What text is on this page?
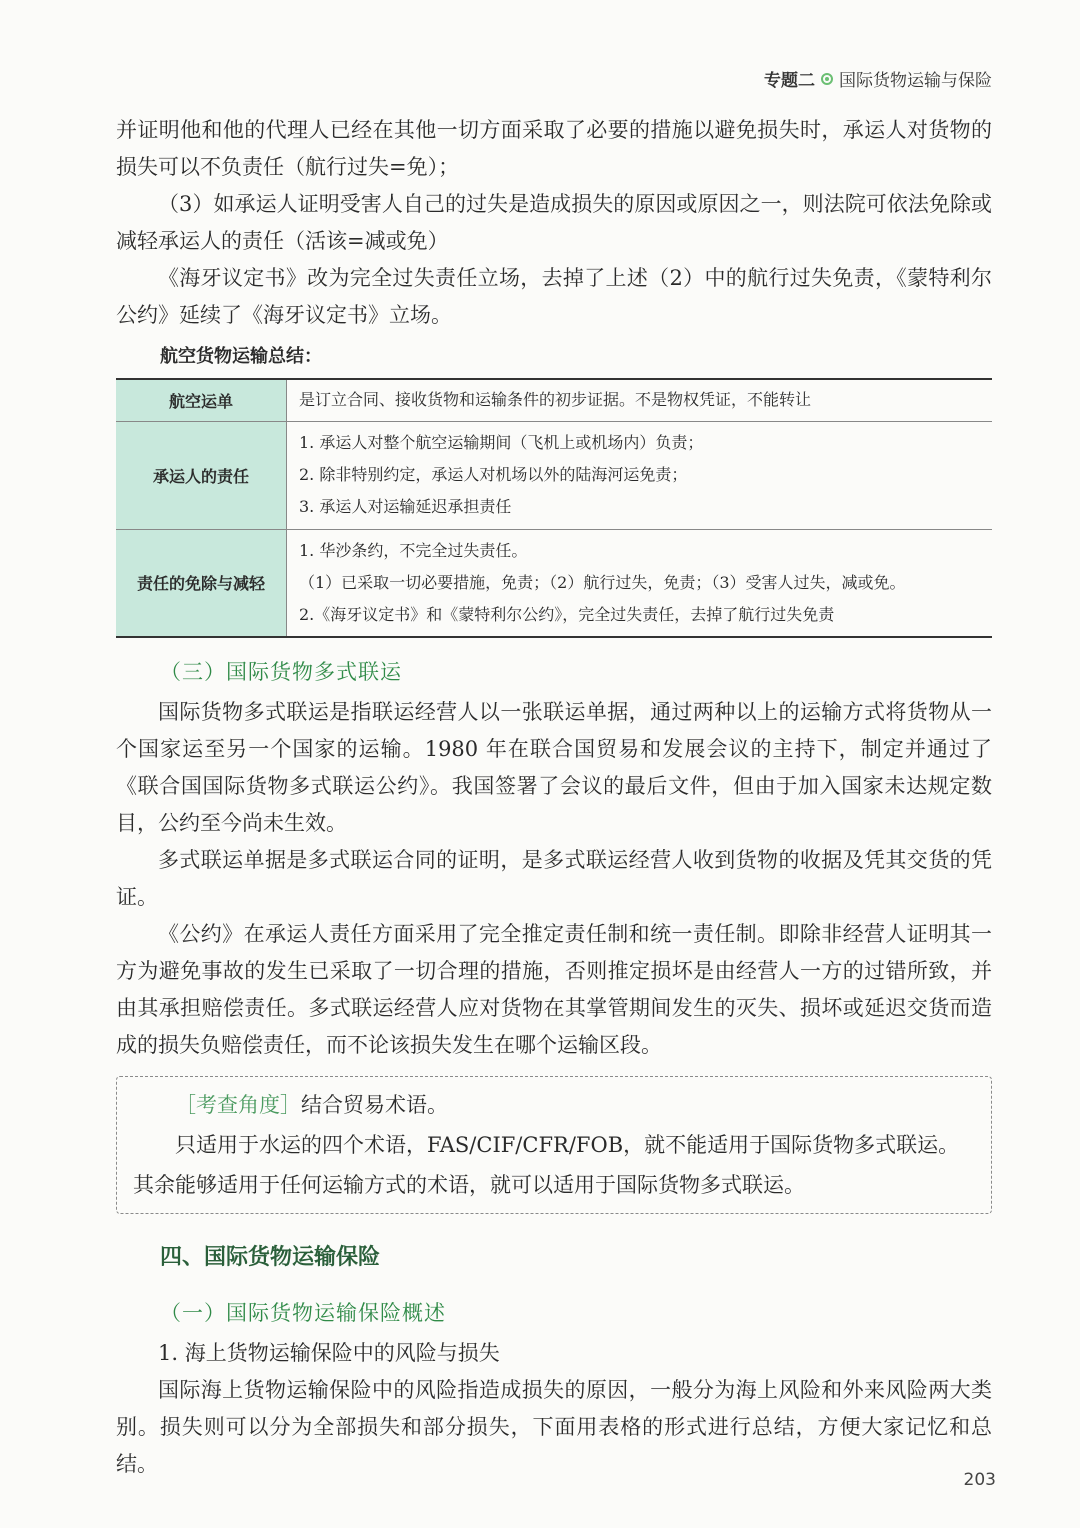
专题二 国际货物运输与保险

并证明他和他的代理人已经在其他一切方面采取了必要的措施以避免损失时，承运人对货物的损失可以不负责任（航行过失=免）；

（3）如承运人证明受害人自己的过失是造成损失的原因或原因之一，则法院可依法免除或减轻承运人的责任（活该=减或免）

《海牙议定书》改为完全过失责任立场，去掉了上述（2）中的航行过失免责，《蒙特利尔公约》延续了《海牙议定书》立场。

航空货物运输总结：
航空运单	是订立合同、接收货物和运输条件的初步证据。不是物权凭证，不能转让

承运人的责任	1. 承运人对整个航空运输期间（飞机上或机场内）负责；
2. 除非特别约定，承运人对机场以外的陆海河运免责；
3. 承运人对运输延迟承担责任

责任的免除与减轻	1. 华沙条约，不完全过失责任。
（1）已采取一切必要措施，免责；（2）航行过失，免责；（3）受害人过失，减或免。
2.《海牙议定书》和《蒙特利尔公约》，完全过失责任，去掉了航行过失免责
（三）国际货物多式联运

国际货物多式联运是指联运经营人以一张联运单据，通过两种以上的运输方式将货物从一个国家运至另一个国家的运输。1980 年在联合国贸易和发展会议的主持下，制定并通过了《联合国国际货物多式联运公约》。我国签署了会议的最后文件，但由于加入国家未达规定数目，公约至今尚未生效。

多式联运单据是多式联运合同的证明，是多式联运经营人收到货物的收据及凭其交货的凭证。

《公约》在承运人责任方面采用了完全推定责任制和统一责任制。即除非经营人证明其一方为避免事故的发生已采取了一切合理的措施，否则推定损坏是由经营人一方的过错所致，并由其承担赔偿责任。多式联运经营人应对货物在其掌管期间发生的灭失、损坏或延迟交货而造成的损失负赔偿责任，而不论该损失发生在哪个运输区段。

［考查角度］结合贸易术语。

只适用于水运的四个术语，FAS/CIF/CFR/FOB，就不能适用于国际货物多式联运。

其余能够适用于任何运输方式的术语，就可以适用于国际货物多式联运。

四、国际货物运输保险
（一）国际货物运输保险概述

1. 海上货物运输保险中的风险与损失

国际海上货物运输保险中的风险指造成损失的原因，一般分为海上风险和外来风险两大类别。损失则可以分为全部损失和部分损失，下面用表格的形式进行总结，方便大家记忆和总结。

203
